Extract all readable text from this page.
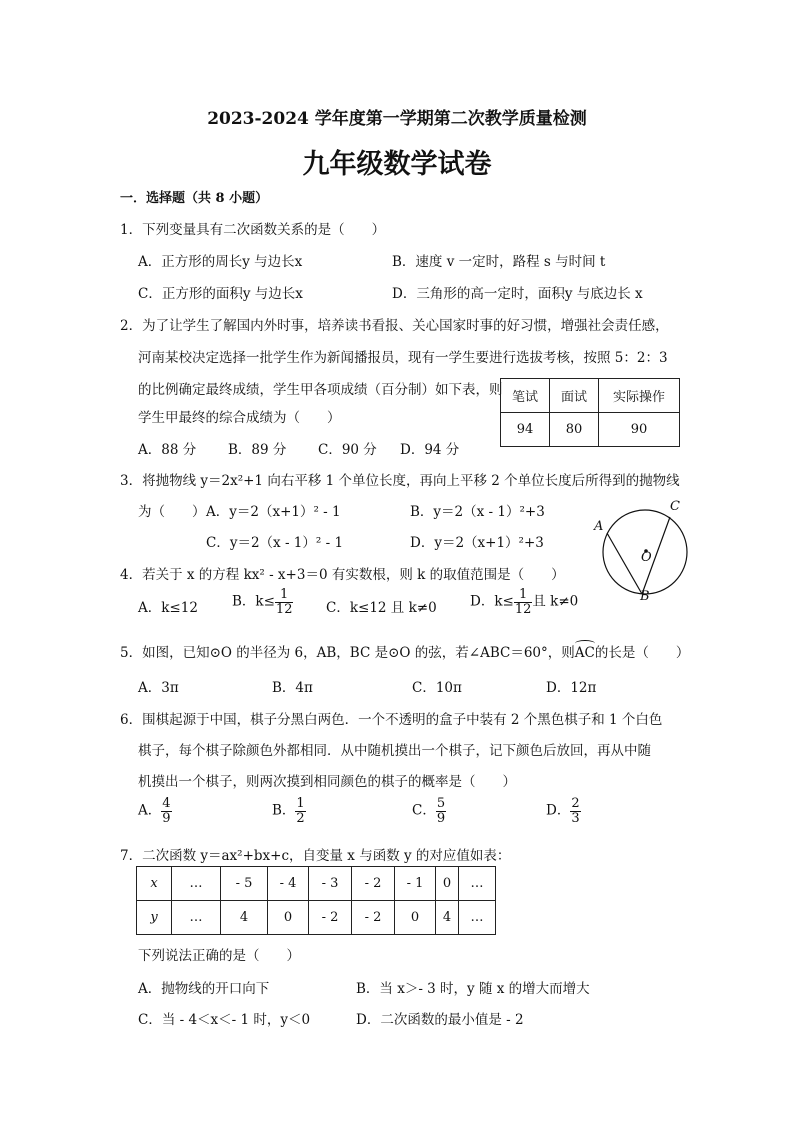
2023-2024 学年度第一学期第二次教学质量检测
九年级数学试卷
一．选择题（共 8 小题）
1．下列变量具有二次函数关系的是（　　）
A．正方形的周长y 与边长x	B．速度 v 一定时，路程 s 与时间 t
C．正方形的面积y 与边长x	D．三角形的高一定时，面积y 与底边长 x
2．为了让学生了解国内外时事，培养读书看报、关心国家时事的好习惯，增强社会责任感，
河南某校决定选择一批学生作为新闻播报员，现有一学生要进行选拔考核，按照 5：2：3
的比例确定最终成绩，学生甲各项成绩（百分制）如下表，则
学生甲最终的综合成绩为（　　）
笔试	面试	实际操作
94	80	90
A．88 分 B．89 分 C．90 分 D．94 分
3．将抛物线 y＝2x²+1 向右平移 1 个单位长度，再向上平移 2 个单位长度后所得到的抛物线
为（　　） A．y＝2（x+1）² - 1	B．y＝2（x - 1）²+3
C．y＝2（x - 1）² - 1	D．y＝2（x+1）²+3
A
B
C
O
4．若关于 x 的方程 kx² - x+3＝0 有实数根，则 k 的取值范围是（　　）
A．k≤12	B．$k\le \frac{1}{12}$ C．k≤12 且 k≠0 D．$k\le \frac{1}{12}$ 且 k≠0
5．如图，已知⊙O 的半径为 6，AB，BC 是⊙O 的弦，若∠ABC＝60°，则
AC的长是（　　）
A．3π	B．4π	C．10π	D．12π
6．围棋起源于中国，棋子分黑白两色．一个不透明的盒子中装有 2 个黑色棋子和 1 个白色
棋子，每个棋子除颜色外都相同．从中随机摸出一个棋子，记下颜色后放回，再从中随
机摸出一个棋子，则两次摸到相同颜色的棋子的概率是（　　）
A． $\frac{4}{9}$	B． $\frac{1}{2}$	C． $\frac{5}{9}$	D． $\frac{2}{3}$
7．二次函数 y＝ax²+bx+c，自变量 x 与函数 y 的对应值如表：
x	…	- 5	- 4	- 3	- 2	- 1	0	…
y	…	4	0	- 2	- 2	0	4	…
下列说法正确的是（　　）
A．抛物线的开口向下	B．当 x＞- 3 时，y 随 x 的增大而增大
C．当 - 4＜x＜- 1 时，y＜0	D．二次函数的最小值是 - 2
